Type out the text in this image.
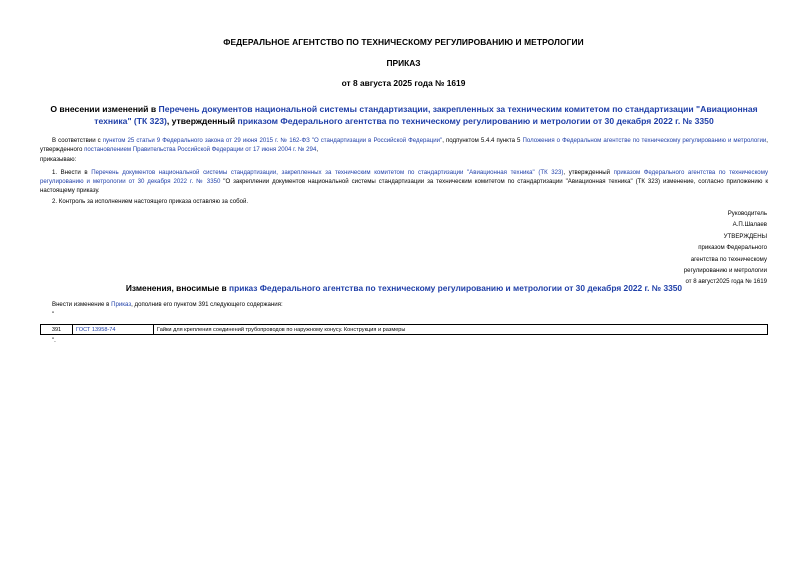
ФЕДЕРАЛЬНОЕ АГЕНТСТВО ПО ТЕХНИЧЕСКОМУ РЕГУЛИРОВАНИЮ И МЕТРОЛОГИИ
ПРИКАЗ
от 8 августа 2025 года № 1619
О внесении изменений в Перечень документов национальной системы стандартизации, закрепленных за техническим комитетом по стандартизации "Авиационная техника" (ТК 323), утвержденный приказом Федерального агентства по техническому регулированию и метрологии от 30 декабря 2022 г. № 3350
В соответствии с пунктом 25 статьи 9 Федерального закона от 29 июня 2015 г. № 162-ФЗ "О стандартизации в Российской Федерации", подпунктом 5.4.4 пункта 5 Положения о Федеральном агентстве по техническому регулированию и метрологии, утвержденного постановлением Правительства Российской Федерации от 17 июня 2004 г. № 294,
приказываю:
1. Внести в Перечень документов национальной системы стандартизации, закрепленных за техническим комитетом по стандартизации "Авиационная техника" (ТК 323), утвержденный приказом Федерального агентства по техническому регулированию и метрологии от 30 декабря 2022 г. № 3350 "О закреплении документов национальной системы стандартизации за техническим комитетом по стандартизации "Авиационная техника" (ТК 323) изменение, согласно приложению к настоящему приказу.
2. Контроль за исполнением настоящего приказа оставляю за собой.
Руководитель
А.П.Шалаев
УТВЕРЖДЕНЫ
приказом Федерального
агентства по техническому
регулированию и метрологии
от 8 август2025 года № 1619
Изменения, вносимые в приказ Федерального агентства по техническому регулированию и метрологии от 30 декабря 2022 г. № 3350
Внести изменение в Приказ, дополнив его пунктом 391 следующего содержания:
"
391	ГОСТ 13958-74	Гайки для крепления соединений трубопроводов по наружному конусу. Конструкция и размеры
".
